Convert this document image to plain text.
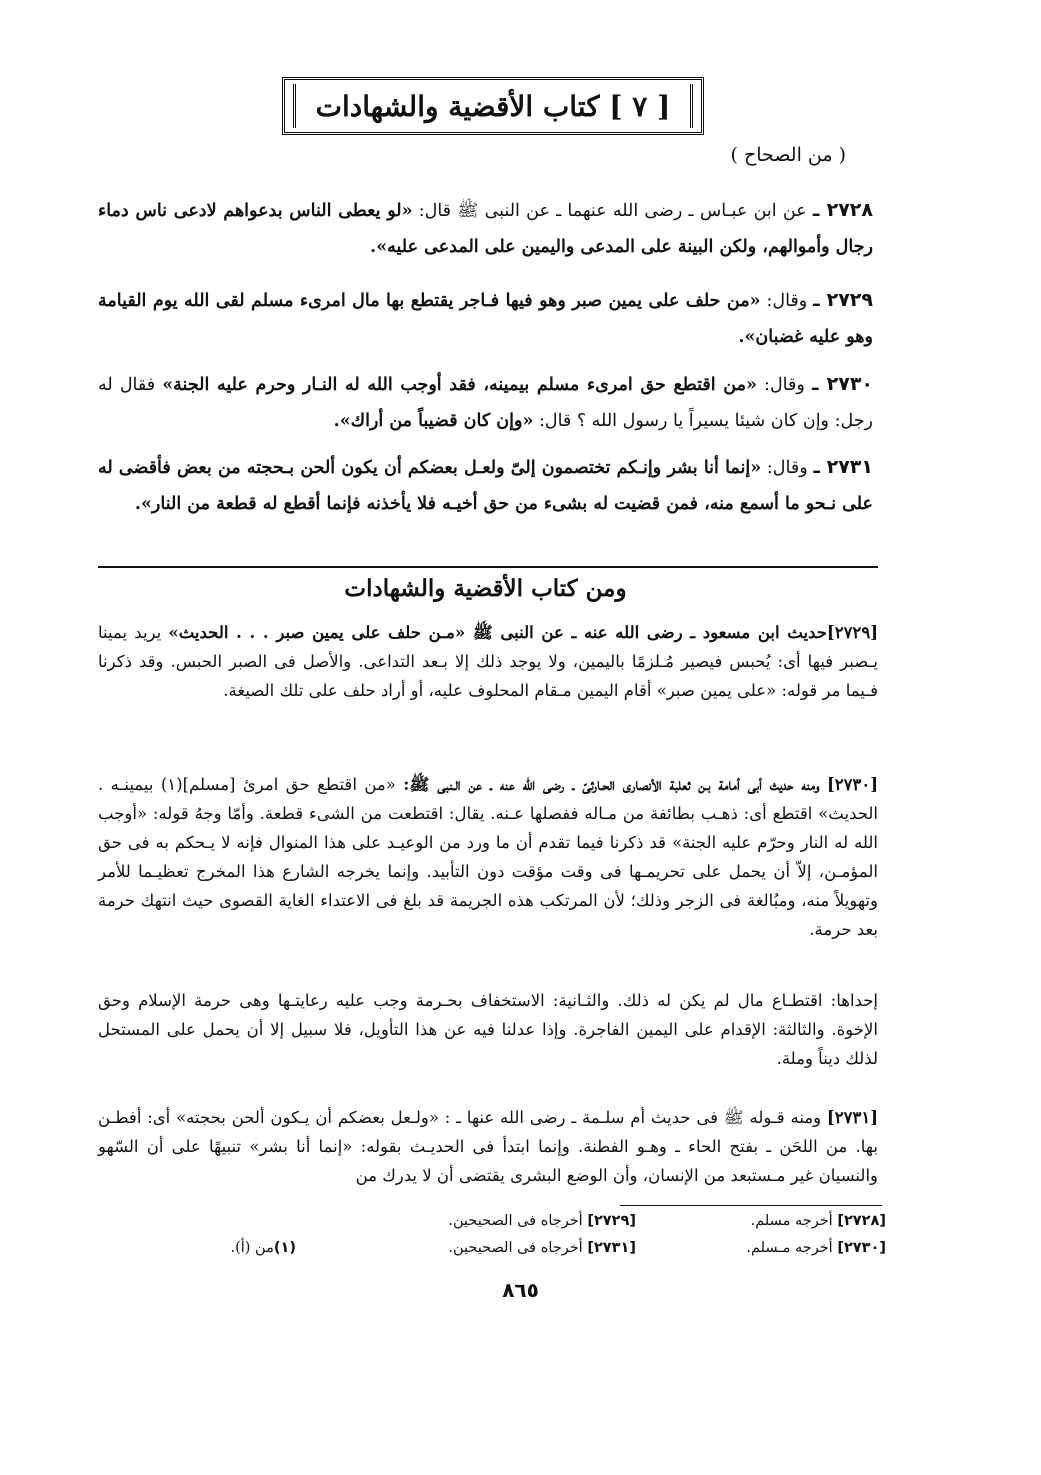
[ ٧ ] كتاب الأقضية والشهادات
( من الصحاح )
٢٧٢٨ ـ عن ابن عبـاس ـ رضى الله عنهما ـ عن النبى ﷺ قال: «لو يعطى الناس بدعواهم لادعى ناس دماء رجال وأموالهم، ولكن البينة على المدعى واليمين على المدعى عليه».
٢٧٢٩ ـ وقال: «من حلف على يمين صبر وهو فيها فـاجر يقتطع بها مال امرىء مسلم لقى الله يوم القيامة وهو عليه غضبان».
٢٧٣٠ ـ وقال: «من اقتطع حق امرىء مسلم بيمينه، فقد أوجب الله له النـار وحرم عليه الجنة» فقال له رجل: وإن كان شيئا يسيراً يا رسول الله ؟ قال: «وإن كان قضيباً من أراك».
٢٧٣١ ـ وقال: «إنما أنا بشر وإنـكم تختصمون إلىّ ولعـل بعضكم أن يكون ألحن بـحجته من بعض فأقضى له على نـحو ما أسمع منه، فمن قضيت له بشىء من حق أخيـه فلا يأخذنه فإنما أقطع له قطعة من النار».
ومن كتاب الأقضية والشهادات
[٢٧٢٩]حديث ابن مسعود ـ رضى الله عنه ـ عن النبى ﷺ «مـن حلف على يمين صبر . . . الحديث» يريد يمينا يـصبر فيها أى: يُحبس فيصير مُـلزمًا باليمين، ولا يوجد ذلك إلا بـعد التداعى. والأصل فى الصبر الحبس. وقد ذكرنا فـيما مر قوله: «على يمين صبر» أقام اليمين مـقام المحلوف عليه، أو أراد حلف على تلك الصيغة.
[٢٧٣٠] ومنه حديث أبى أمامة بـن ثعلبة الأنصارى الحـارثىّ ـ رضى الله عنه ـ عن الـنبى ﷺ: «من اقتطع حق امرئ [مسلم](١) بيمينـه . الحديث» اقتطع أى: ذهـب بطائفة من مـاله ففصلها عـنه. يقال: اقتطعت من الشىء قطعة. وأمّا وجهُ قوله: «أوجب الله له النار وحرّم عليه الجنة» قد ذكرنا فيما تقدم أن ما ورد من الوعيـد على هذا المنوال فإنه لا يـحكم به فى حق المؤمـن، إلاّ أن يحمل على تحريمـها فى وقت مؤقت دون التأبيد. وإنما يخرجه الشارع هذا المخرج تعظيـما للأمر وتهويلاً منه، ومبُالغة فى الزجر وذلك؛ لأن المرتكب هذه الجريمة قد بلغ فى الاعتداء الغاية القصوى حيث انتهك حرمة بعد حرمة.
إحداها: اقتطـاع مال لم يكن له ذلك. والثـانية: الاستخفاف بحـرمة وجب عليه رعايتـها وهى حرمة الإسلام وحق الإخوة. والثالثة: الإقدام على اليمين الفاجرة. وإذا عدلنا فيه عن هذا التأويل، فلا سبيل إلا أن يحمل على المستحل لذلك ديناً وملة.
[٢٧٣١] ومنه قـوله ﷺ فى حديث أم سلـمة ـ رضى الله عنها ـ : «ولـعل بعضكم أن يـكون ألحن بحجته» أى: أفطـن بها. من اللحَن ـ بفتح الحاء ـ وهـو الفطنة. وإنما ابتدأ فى الحديـث بقوله: «إنما أنا بشر» تنبيهًا على أن السّهو والنسيان غير مـستبعد من الإنسان، وأن الوضع البشرى يقتضى أن لا يدرك من
[٢٧٢٨] أخرجه مسلم.
[٢٧٢٩] أخرجاه فى الصحيحين.
[٢٧٣٠] أخرجه مـسلم.
[٢٧٣١] أخرجاه فى الصحيحين.
(١)من (أ).
٨٦٥
